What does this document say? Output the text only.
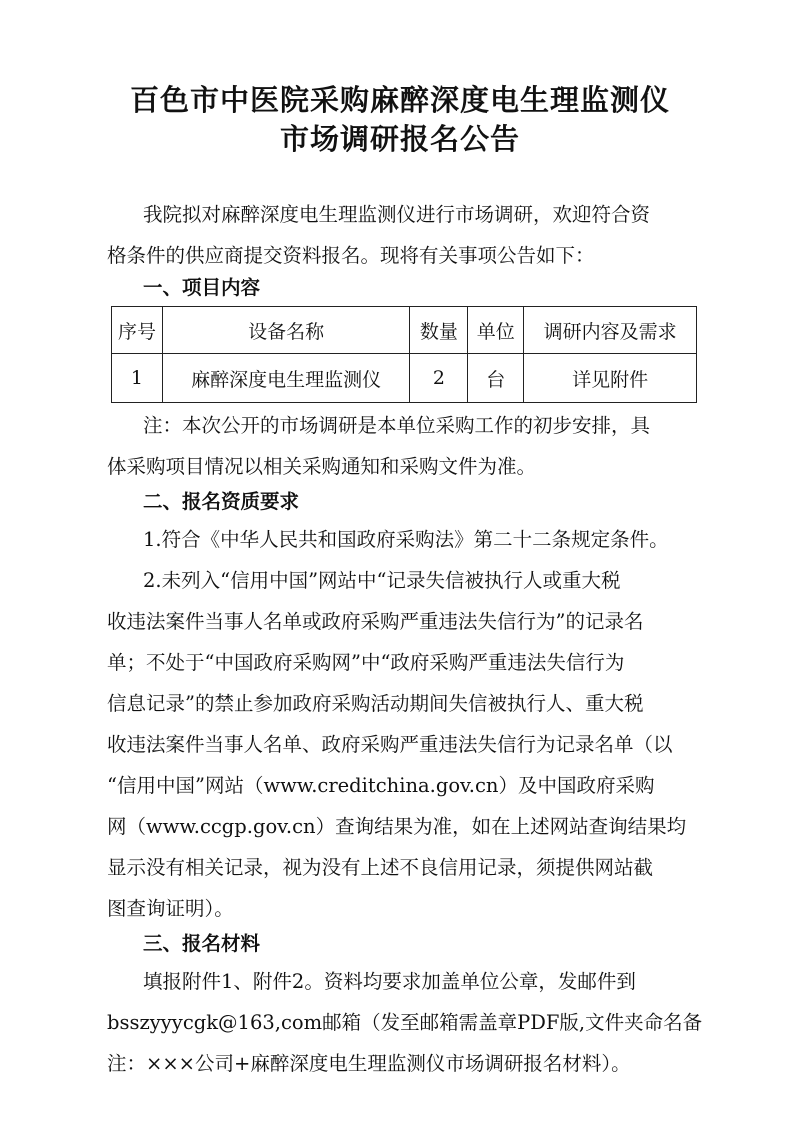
百色市中医院采购麻醉深度电生理监测仪
市场调研报名公告
我院拟对麻醉深度电生理监测仪进行市场调研，欢迎符合资
格条件的供应商提交资料报名。现将有关事项公告如下：
一、项目内容
序号	设备名称	数量	单位	调研内容及需求
1	麻醉深度电生理监测仪	2	台	详见附件
注：本次公开的市场调研是本单位采购工作的初步安排，具
体采购项目情况以相关采购通知和采购文件为准。
二、报名资质要求
1.符合《中华人民共和国政府采购法》第二十二条规定条件。
2.未列入“信用中国”网站中“记录失信被执行人或重大税
收违法案件当事人名单或政府采购严重违法失信行为”的记录名
单；不处于“中国政府采购网”中“政府采购严重违法失信行为
信息记录”的禁止参加政府采购活动期间失信被执行人、重大税
收违法案件当事人名单、政府采购严重违法失信行为记录名单（以
“信用中国”网站（www.creditchina.gov.cn）及中国政府采购
网（www.ccgp.gov.cn）查询结果为准，如在上述网站查询结果均
显示没有相关记录，视为没有上述不良信用记录，须提供网站截
图查询证明）。
三、报名材料
填报附件1、附件2。资料均要求加盖单位公章，发邮件到
bsszyyycgk@163,com邮箱（发至邮箱需盖章PDF版,文件夹命名备
注：×××公司+麻醉深度电生理监测仪市场调研报名材料）。
